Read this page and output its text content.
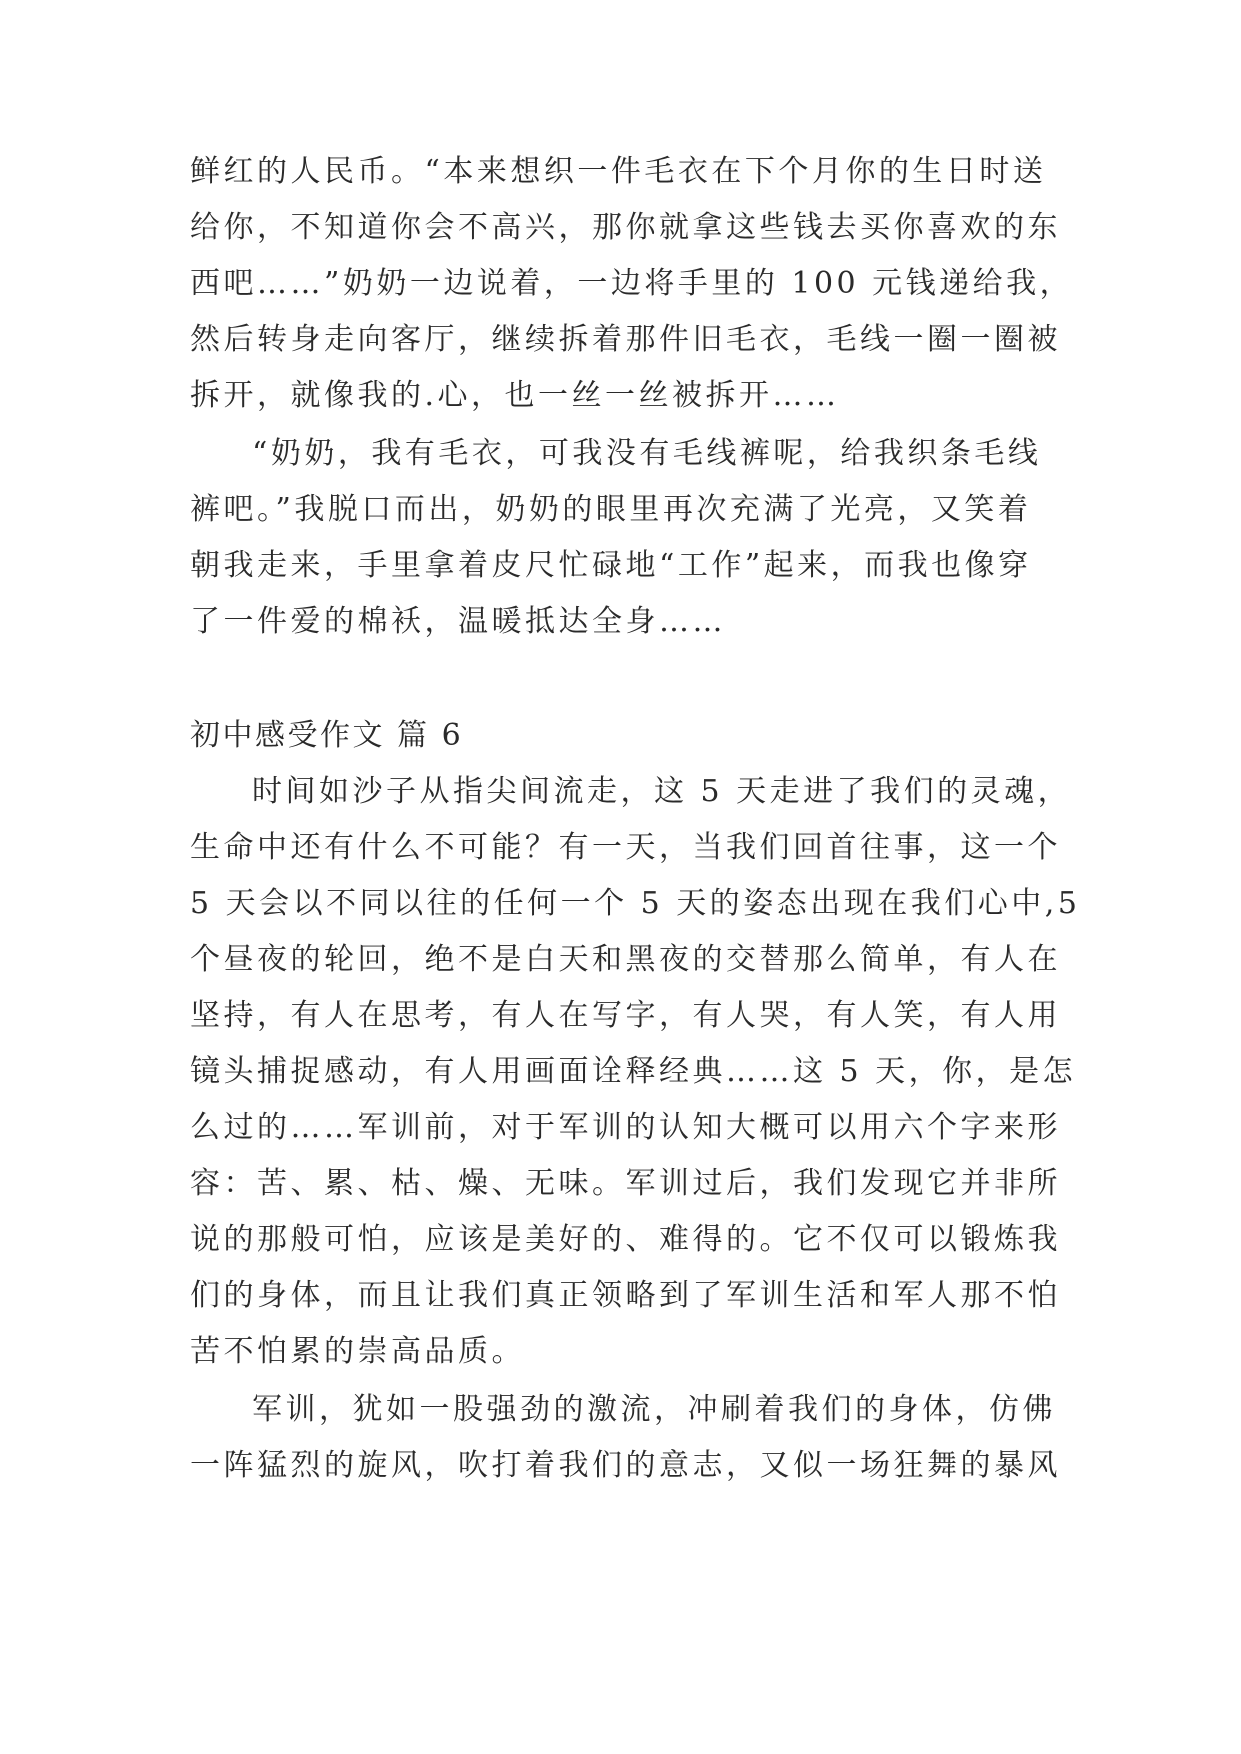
鲜红的人民币。“本来想织一件毛衣在下个月你的生日时送

给你，不知道你会不高兴，那你就拿这些钱去买你喜欢的东

西吧……”奶奶一边说着，一边将手里的 100 元钱递给我，

然后转身走向客厅，继续拆着那件旧毛衣，毛线一圈一圈被

拆开，就像我的.心，也一丝一丝被拆开……

“奶奶，我有毛衣，可我没有毛线裤呢，给我织条毛线

裤吧。”我脱口而出，奶奶的眼里再次充满了光亮，又笑着

朝我走来，手里拿着皮尺忙碌地“工作”起来，而我也像穿

了一件爱的棉袄，温暖抵达全身……

初中感受作文 篇 6

时间如沙子从指尖间流走，这 5 天走进了我们的灵魂，

生命中还有什么不可能？有一天，当我们回首往事，这一个

5 天会以不同以往的任何一个 5 天的姿态出现在我们心中,5

个昼夜的轮回，绝不是白天和黑夜的交替那么简单，有人在

坚持，有人在思考，有人在写字，有人哭，有人笑，有人用

镜头捕捉感动，有人用画面诠释经典……这 5 天，你，是怎

么过的……军训前，对于军训的认知大概可以用六个字来形

容：苦、累、枯、燥、无味。军训过后，我们发现它并非所

说的那般可怕，应该是美好的、难得的。它不仅可以锻炼我

们的身体，而且让我们真正领略到了军训生活和军人那不怕

苦不怕累的崇高品质。

军训，犹如一股强劲的激流，冲刷着我们的身体，仿佛

一阵猛烈的旋风，吹打着我们的意志，又似一场狂舞的暴风
